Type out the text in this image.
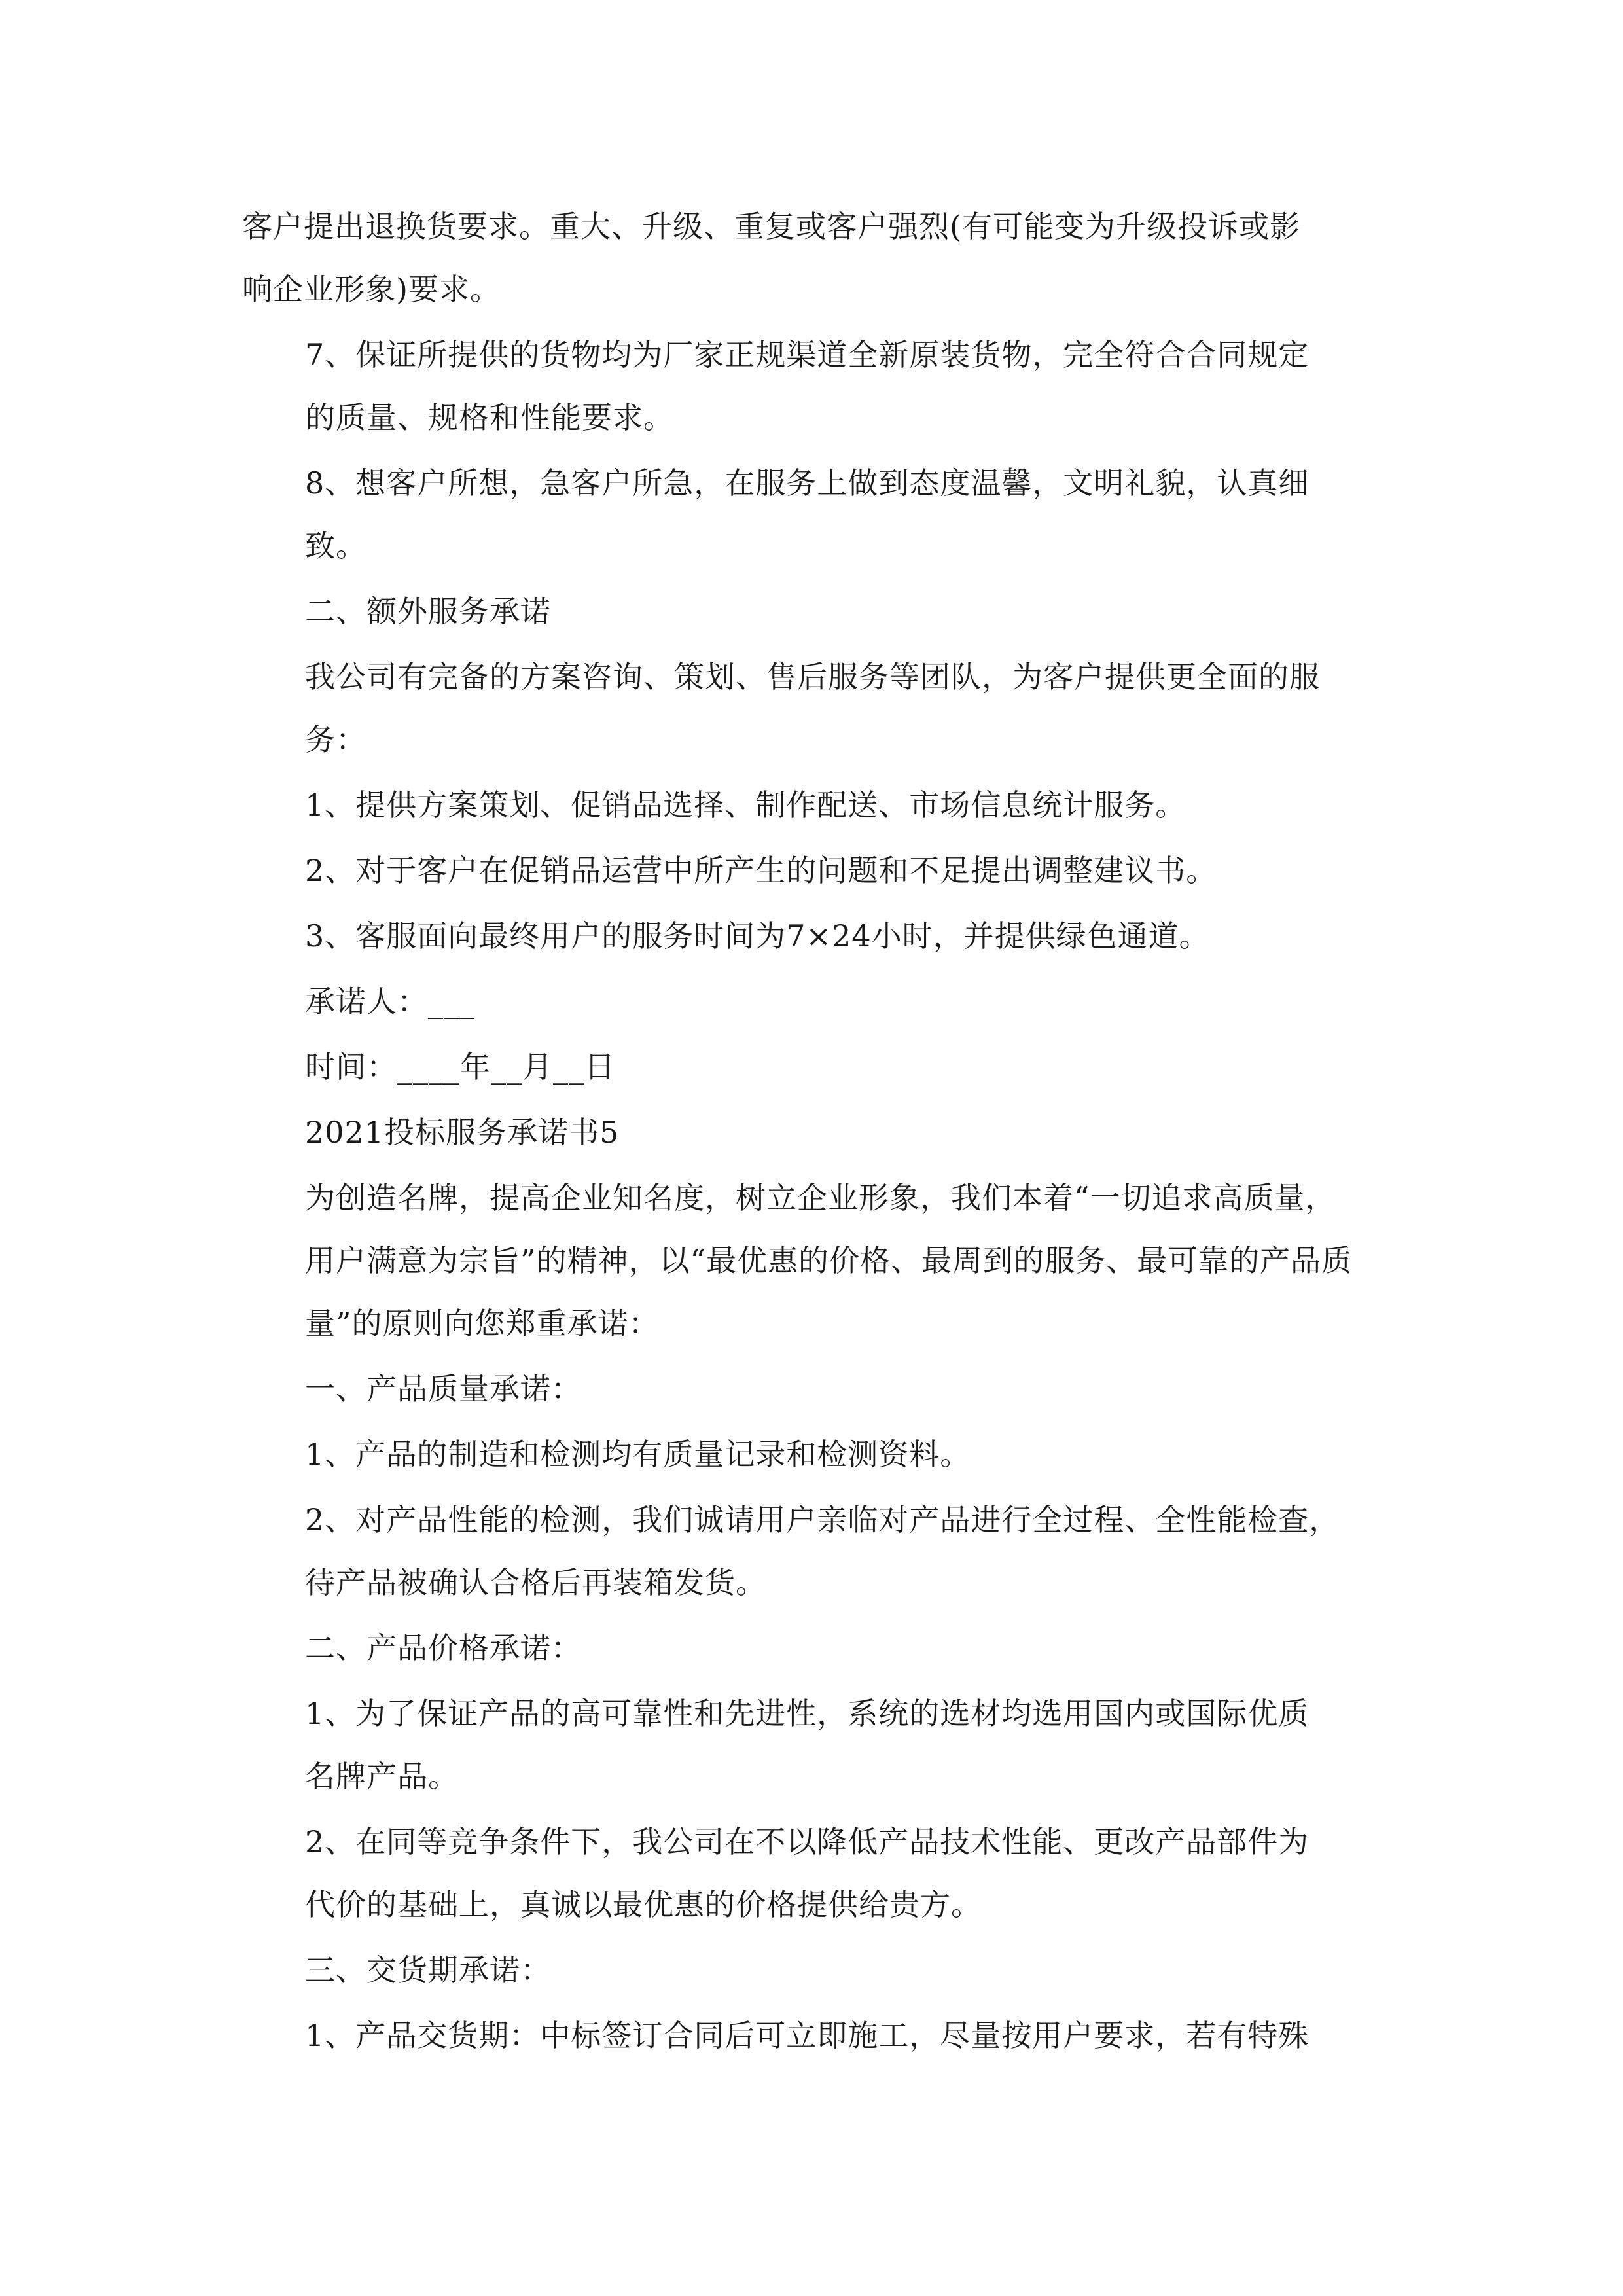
客户提出退换货要求。重大、升级、重复或客户强烈(有可能变为升级投诉或影
响企业形象)要求。
7、保证所提供的货物均为厂家正规渠道全新原装货物，完全符合合同规定
的质量、规格和性能要求。
8、想客户所想，急客户所急，在服务上做到态度温馨，文明礼貌，认真细
致。
二、额外服务承诺
我公司有完备的方案咨询、策划、售后服务等团队，为客户提供更全面的服
务：
1、提供方案策划、促销品选择、制作配送、市场信息统计服务。
2、对于客户在促销品运营中所产生的问题和不足提出调整建议书。
3、客服面向最终用户的服务时间为7×24小时，并提供绿色通道。
承诺人：___
时间：____年__月__日
2021投标服务承诺书5
为创造名牌，提高企业知名度，树立企业形象，我们本着“一切追求高质量，
用户满意为宗旨”的精神，以“最优惠的价格、最周到的服务、最可靠的产品质
量”的原则向您郑重承诺：
一、产品质量承诺：
1、产品的制造和检测均有质量记录和检测资料。
2、对产品性能的检测，我们诚请用户亲临对产品进行全过程、全性能检查，
待产品被确认合格后再装箱发货。
二、产品价格承诺：
1、为了保证产品的高可靠性和先进性，系统的选材均选用国内或国际优质
名牌产品。
2、在同等竞争条件下，我公司在不以降低产品技术性能、更改产品部件为
代价的基础上，真诚以最优惠的价格提供给贵方。
三、交货期承诺：
1、产品交货期：中标签订合同后可立即施工，尽量按用户要求，若有特殊
